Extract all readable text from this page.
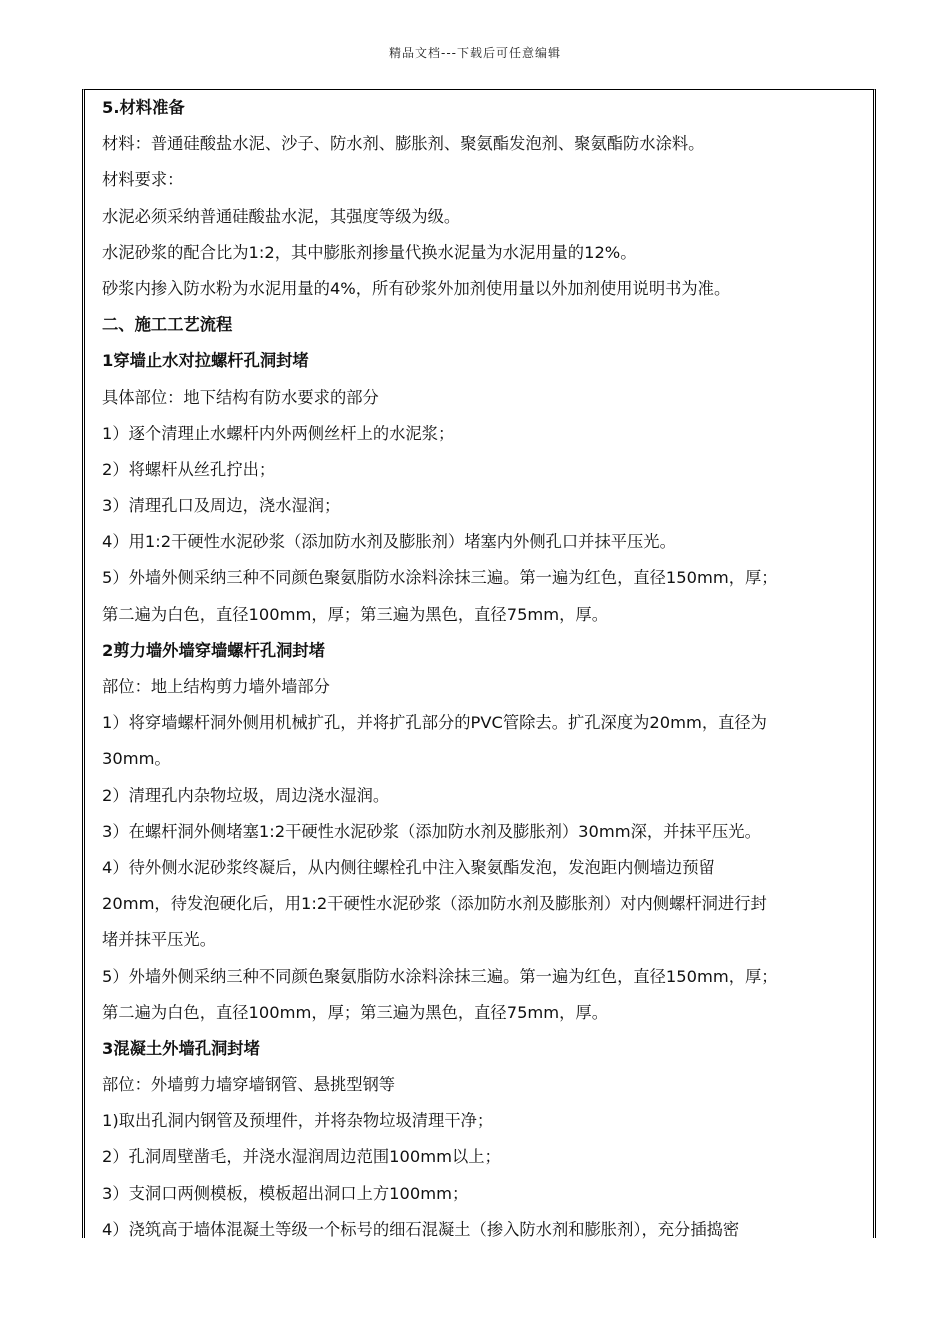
精品文档---下载后可任意编辑
5.材料准备
材料：普通硅酸盐水泥、沙子、防水剂、膨胀剂、聚氨酯发泡剂、聚氨酯防水涂料。
材料要求：
水泥必须采纳普通硅酸盐水泥，其强度等级为级。
水泥砂浆的配合比为1:2，其中膨胀剂掺量代换水泥量为水泥用量的12%。
砂浆内掺入防水粉为水泥用量的4%，所有砂浆外加剂使用量以外加剂使用说明书为准。
二、施工工艺流程
1穿墙止水对拉螺杆孔洞封堵
具体部位：地下结构有防水要求的部分
1）逐个清理止水螺杆内外两侧丝杆上的水泥浆；
2）将螺杆从丝孔拧出；
3）清理孔口及周边，浇水湿润；
4）用1:2干硬性水泥砂浆（添加防水剂及膨胀剂）堵塞内外侧孔口并抹平压光。
5）外墙外侧采纳三种不同颜色聚氨脂防水涂料涂抹三遍。第一遍为红色，直径150mm，厚；
第二遍为白色，直径100mm，厚；第三遍为黑色，直径75mm，厚。
2剪力墙外墙穿墙螺杆孔洞封堵
部位：地上结构剪力墙外墙部分
1）将穿墙螺杆洞外侧用机械扩孔，并将扩孔部分的PVC管除去。扩孔深度为20mm，直径为
30mm。
2）清理孔内杂物垃圾，周边浇水湿润。
3）在螺杆洞外侧堵塞1:2干硬性水泥砂浆（添加防水剂及膨胀剂）30mm深，并抹平压光。
4）待外侧水泥砂浆终凝后，从内侧往螺栓孔中注入聚氨酯发泡，发泡距内侧墙边预留
20mm，待发泡硬化后，用1:2干硬性水泥砂浆（添加防水剂及膨胀剂）对内侧螺杆洞进行封
堵并抹平压光。
5）外墙外侧采纳三种不同颜色聚氨脂防水涂料涂抹三遍。第一遍为红色，直径150mm，厚；
第二遍为白色，直径100mm，厚；第三遍为黑色，直径75mm，厚。
3混凝土外墙孔洞封堵
部位：外墙剪力墙穿墙钢管、悬挑型钢等
1)取出孔洞内钢管及预埋件，并将杂物垃圾清理干净；
2）孔洞周壁凿毛，并浇水湿润周边范围100mm以上；
3）支洞口两侧模板，模板超出洞口上方100mm；
4）浇筑高于墙体混凝土等级一个标号的细石混凝土（掺入防水剂和膨胀剂），充分插捣密
